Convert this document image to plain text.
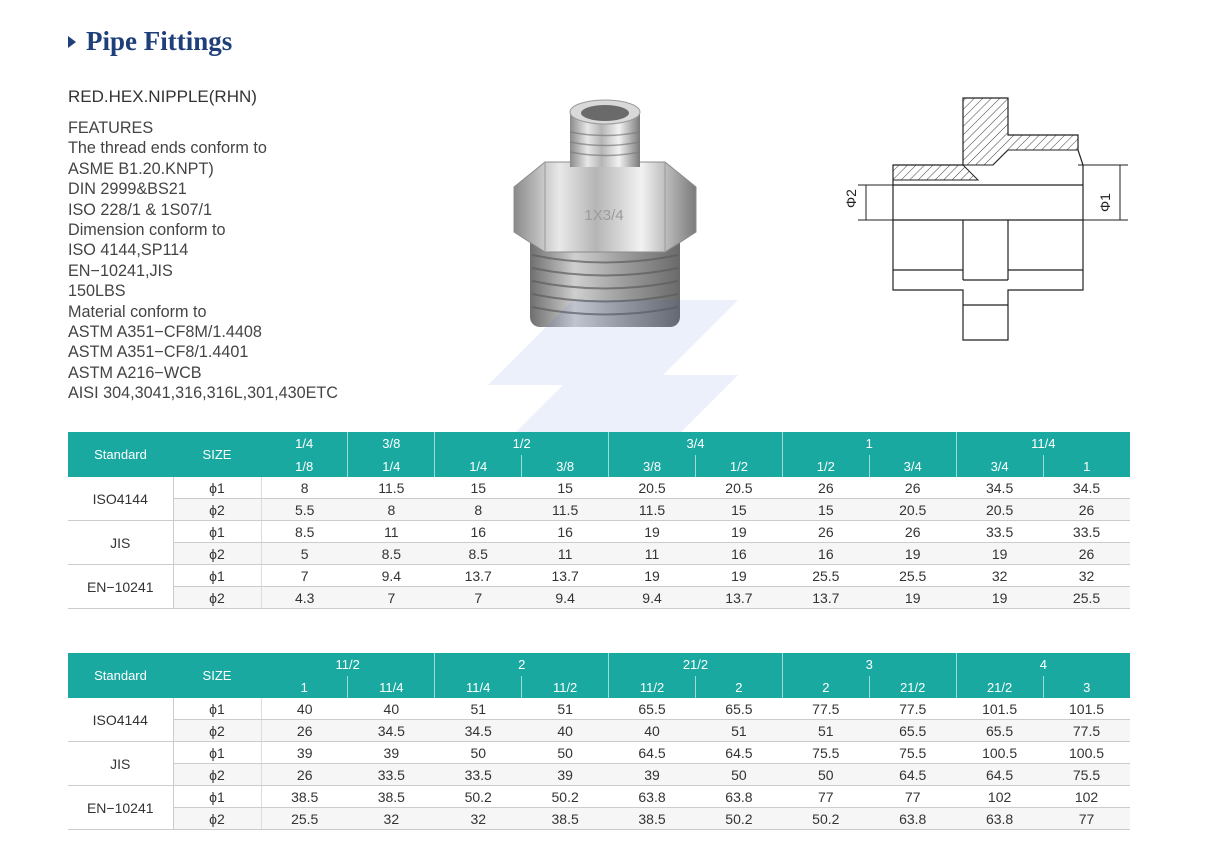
Pipe Fittings
RED.HEX.NIPPLE(RHN)
FEATURES
The thread ends conform to
ASME B1.20.KNPT)
DIN 2999&BS21
ISO 228/1 & 1S07/1
Dimension conform to
ISO 4144,SP114
EN−10241,JIS
150LBS
Material conform to
ASTM A351−CF8M/1.4408
ASTM A351−CF8/1.4401
ASTM A216−WCB
AISI 304,3041,316,316L,301,430ETC
1X3/4
Φ2	Φ1
Standard	SIZE	1/4	3/8	1/2		3/4		1		11/4	
		1/8	1/4	1/4	3/8	3/8	1/2	1/2	3/4	3/4	1
ISO4144	ϕ1	8	11.5	15	15	20.5	20.5	26	26	34.5	34.5
	ϕ2	5.5	8	8	11.5	11.5	15	15	20.5	20.5	26
JIS	ϕ1	8.5	11	16	16	19	19	26	26	33.5	33.5
	ϕ2	5	8.5	8.5	11	11	16	16	19	19	26
EN−10241	ϕ1	7	9.4	13.7	13.7	19	19	25.5	25.5	32	32
	ϕ2	4.3	7	7	9.4	9.4	13.7	13.7	19	19	25.5
Standard	SIZE	11/2		2		21/2		3		4	
		1	11/4	11/4	11/2	11/2	2	2	21/2	21/2	3
ISO4144	ϕ1	40	40	51	51	65.5	65.5	77.5	77.5	101.5	101.5
	ϕ2	26	34.5	34.5	40	40	51	51	65.5	65.5	77.5
JIS	ϕ1	39	39	50	50	64.5	64.5	75.5	75.5	100.5	100.5
	ϕ2	26	33.5	33.5	39	39	50	50	64.5	64.5	75.5
EN−10241	ϕ1	38.5	38.5	50.2	50.2	63.8	63.8	77	77	102	102
	ϕ2	25.5	32	32	38.5	38.5	50.2	50.2	63.8	63.8	77
